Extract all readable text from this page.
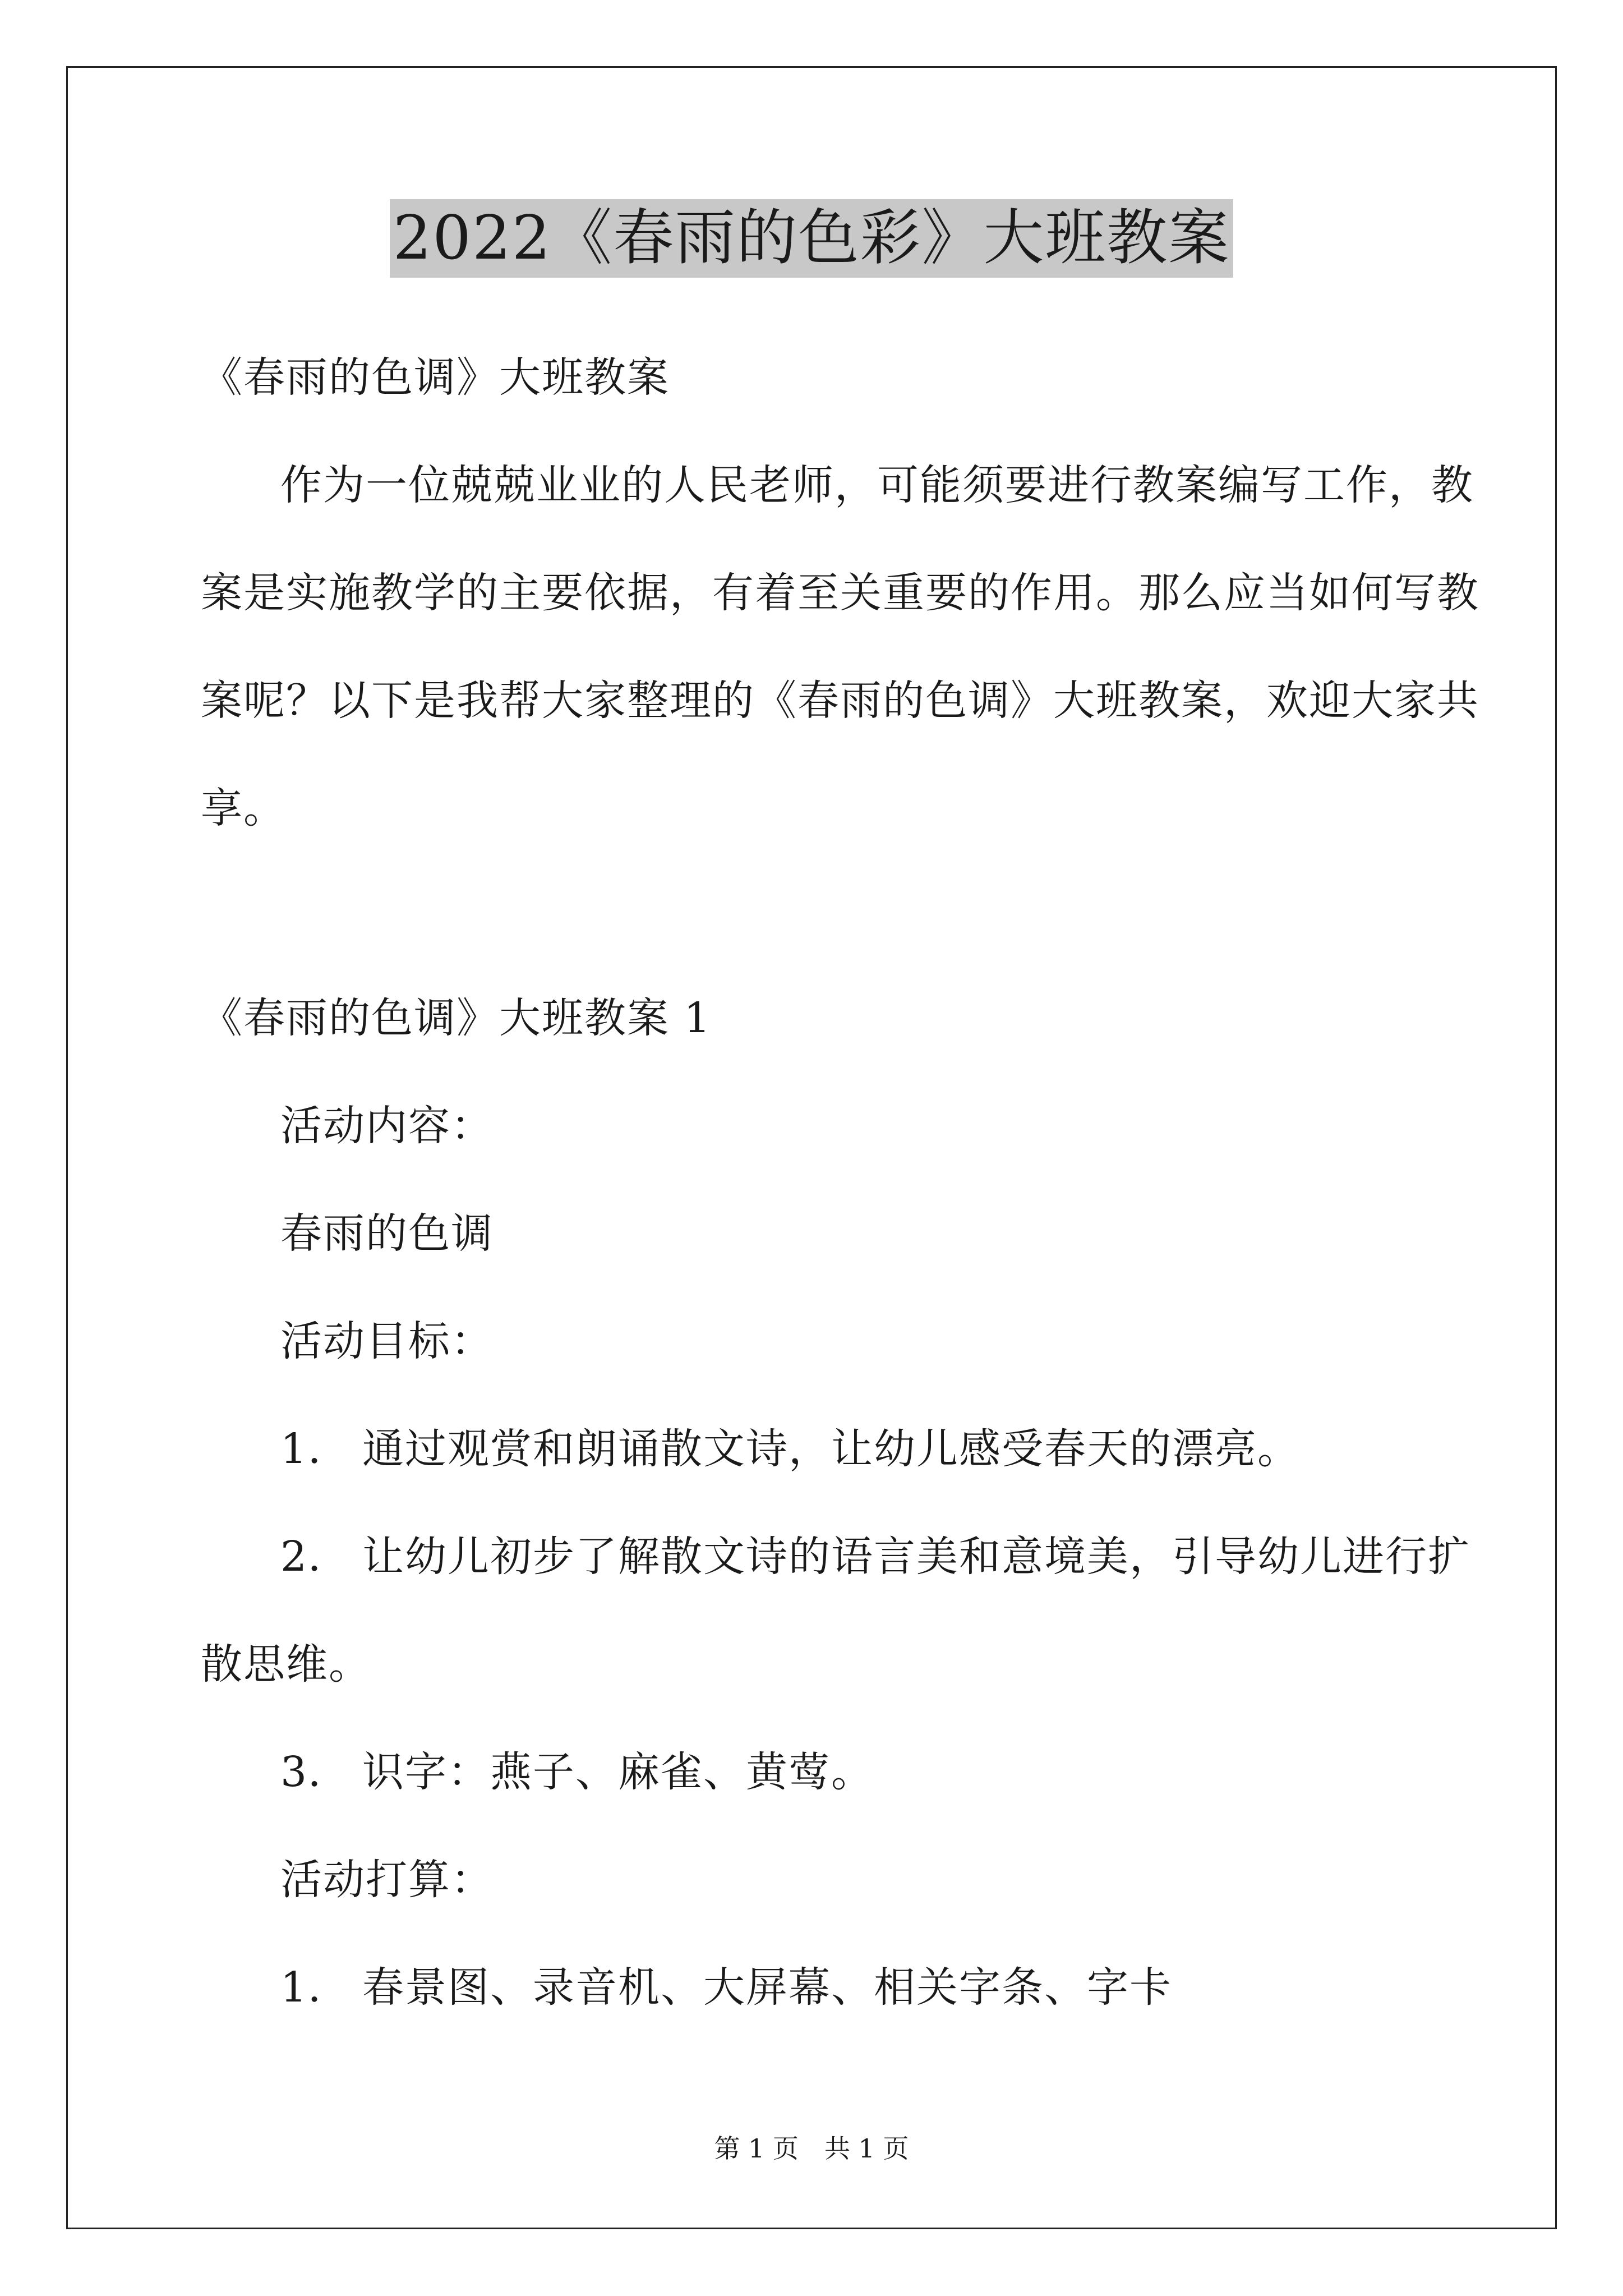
2022《春雨的色彩》大班教案
《春雨的色调》大班教案
作为一位兢兢业业的人民老师，可能须要进行教案编写工作，教
案是实施教学的主要依据，有着至关重要的作用。那么应当如何写教
案呢？以下是我帮大家整理的《春雨的色调》大班教案，欢迎大家共
享。
《春雨的色调》大班教案 1
活动内容：
春雨的色调
活动目标：
1． 通过观赏和朗诵散文诗，让幼儿感受春天的漂亮。
2． 让幼儿初步了解散文诗的语言美和意境美，引导幼儿进行扩
散思维。
3． 识字：燕子、麻雀、黄莺。
活动打算：
1． 春景图、录音机、大屏幕、相关字条、字卡
第 1 页　共 1 页
